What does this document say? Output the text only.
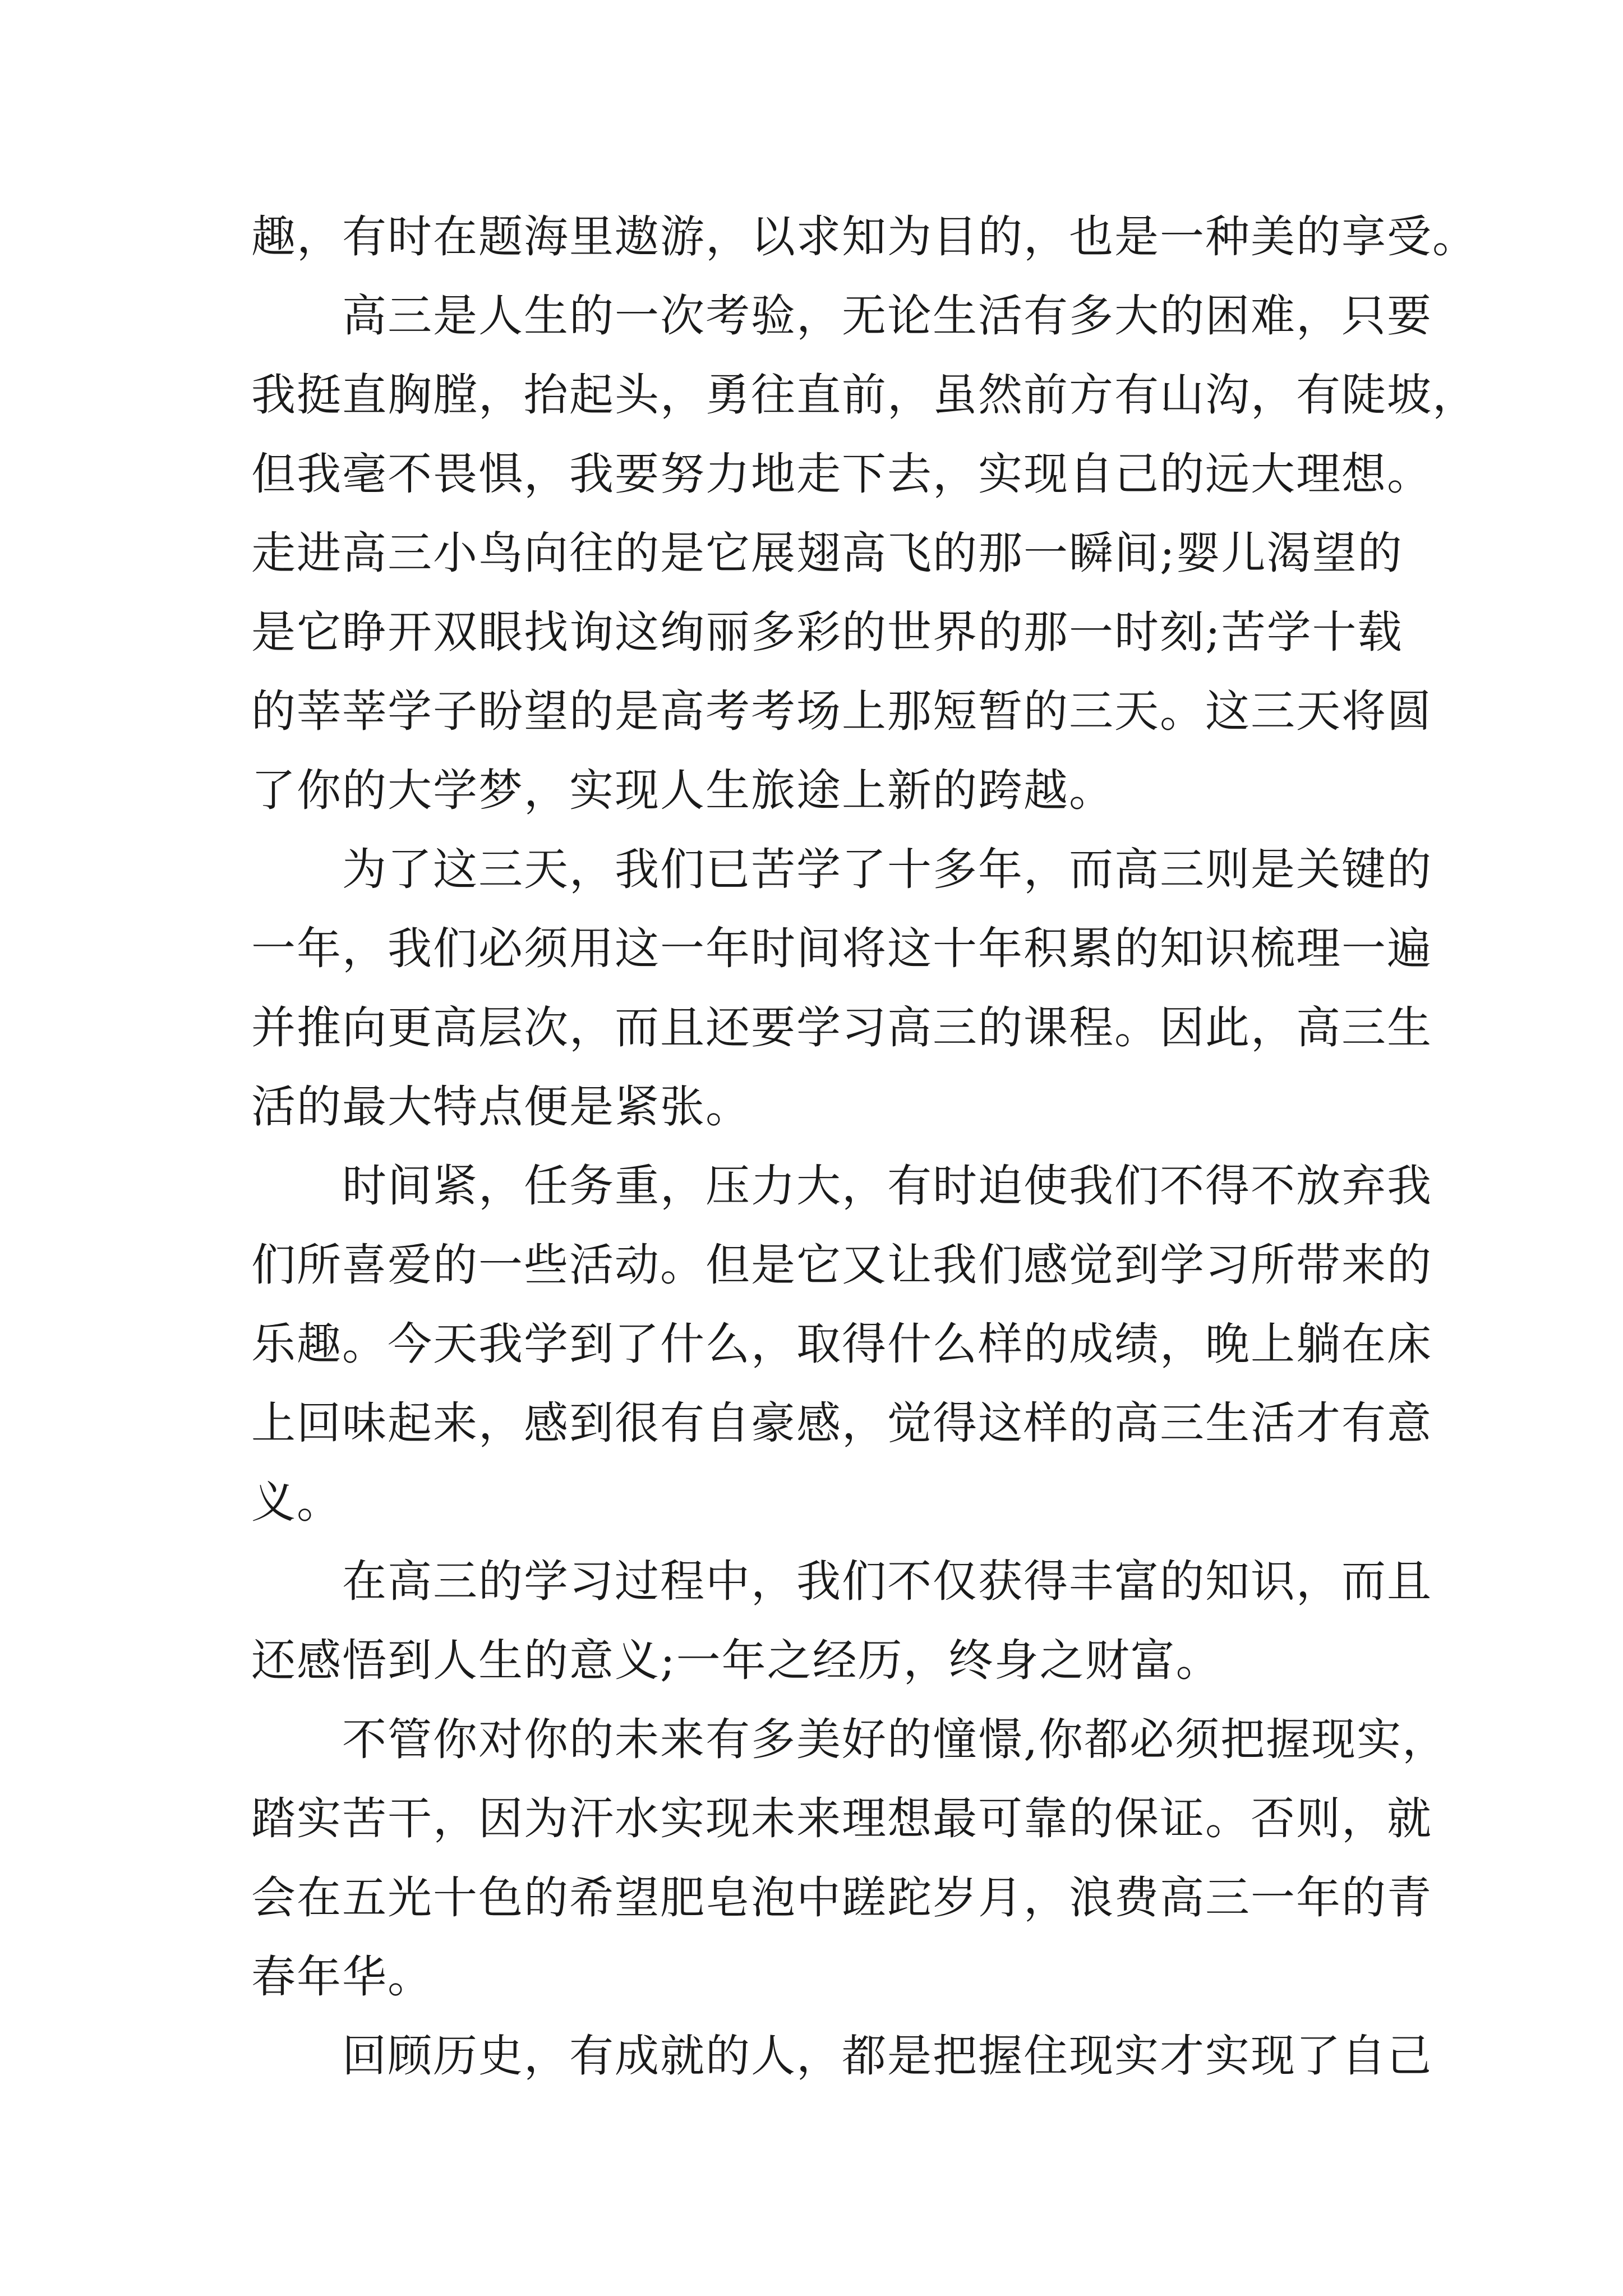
趣，有时在题海里遨游，以求知为目的，也是一种美的享受。
高三是人生的一次考验，无论生活有多大的困难，只要
我挺直胸膛，抬起头，勇往直前，虽然前方有山沟，有陡坡，
但我毫不畏惧，我要努力地走下去，实现自己的远大理想。
走进高三小鸟向往的是它展翅高飞的那一瞬间;婴儿渴望的
是它睁开双眼找询这绚丽多彩的世界的那一时刻;苦学十载
的莘莘学子盼望的是高考考场上那短暂的三天。这三天将圆
了你的大学梦，实现人生旅途上新的跨越。
为了这三天，我们已苦学了十多年，而高三则是关键的
一年，我们必须用这一年时间将这十年积累的知识梳理一遍
并推向更高层次，而且还要学习高三的课程。因此，高三生
活的最大特点便是紧张。
时间紧，任务重，压力大，有时迫使我们不得不放弃我
们所喜爱的一些活动。但是它又让我们感觉到学习所带来的
乐趣。今天我学到了什么，取得什么样的成绩，晚上躺在床
上回味起来，感到很有自豪感，觉得这样的高三生活才有意
义。
在高三的学习过程中，我们不仅获得丰富的知识，而且
还感悟到人生的意义;一年之经历，终身之财富。
不管你对你的未来有多美好的憧憬,你都必须把握现实，
踏实苦干，因为汗水实现未来理想最可靠的保证。否则，就
会在五光十色的希望肥皂泡中蹉跎岁月，浪费高三一年的青
春年华。
回顾历史，有成就的人，都是把握住现实才实现了自己
